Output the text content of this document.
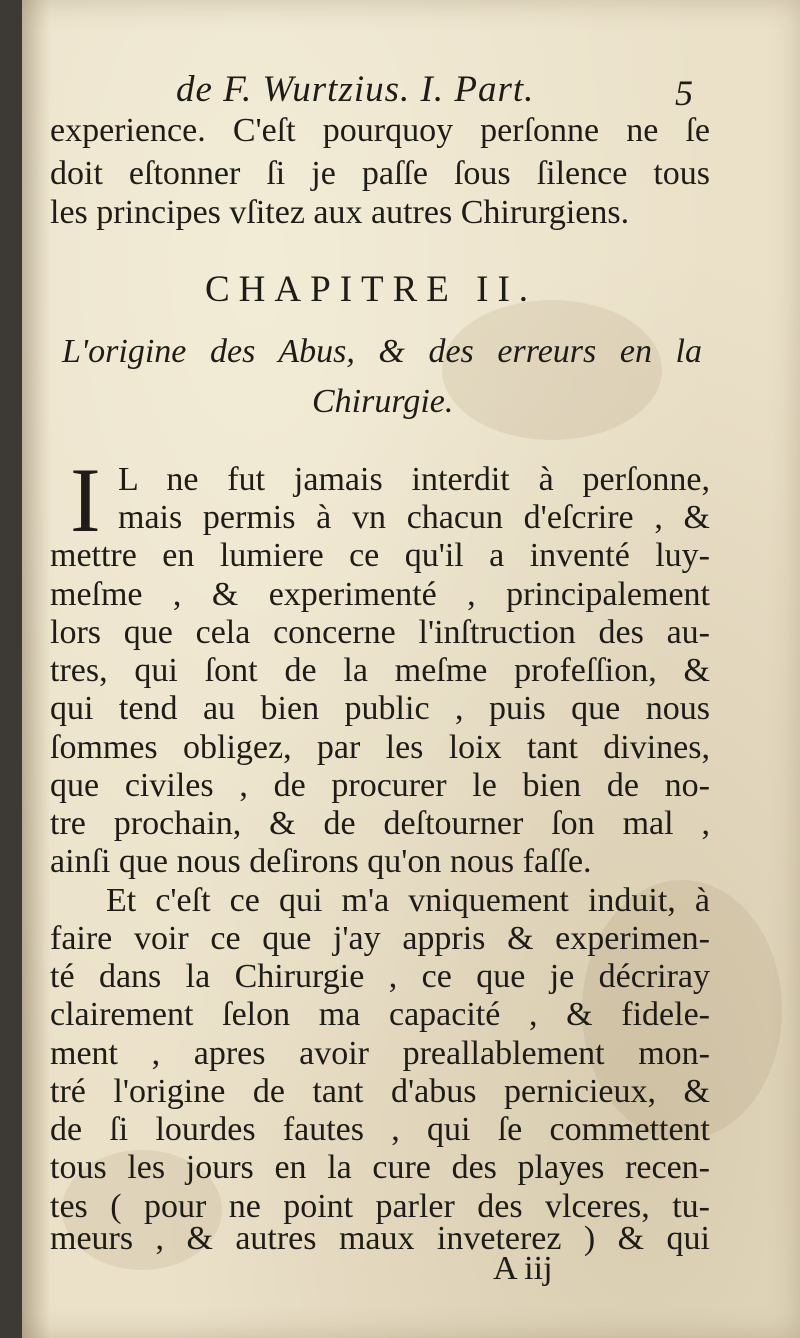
de F. Wurtzius. I. Part.	5
experience. C'eſt pourquoy perſonne ne ſe
doit eſtonner ſi je paſſe ſous ſilence tous
les principes vſitez aux autres Chirurgiens.
CHAPITRE II.
L'origine des Abus, & des erreurs en la
Chirurgie.
I L ne fut jamais interdit à perſonne,
mais permis à vn chacun d'eſcrire , &
mettre en lumiere ce qu'il a inventé luy-
meſme , & experimenté , principalement
lors que cela concerne l'inſtruction des au-
tres, qui ſont de la meſme profeſſion, &
qui tend au bien public , puis que nous
ſommes obligez, par les loix tant divines,
que civiles , de procurer le bien de no-
tre prochain, & de deſtourner ſon mal ,
ainſi que nous deſirons qu'on nous faſſe.
Et c'eſt ce qui m'a vniquement induit, à
faire voir ce que j'ay appris & experimen-
té dans la Chirurgie , ce que je décriray
clairement ſelon ma capacité , & fidele-
ment , apres avoir preallablement mon-
tré l'origine de tant d'abus pernicieux, &
de ſi lourdes fautes , qui ſe commettent
tous les jours en la cure des playes recen-
tes ( pour ne point parler des vlceres, tu-
meurs , & autres maux inveterez ) & qui
A iij
